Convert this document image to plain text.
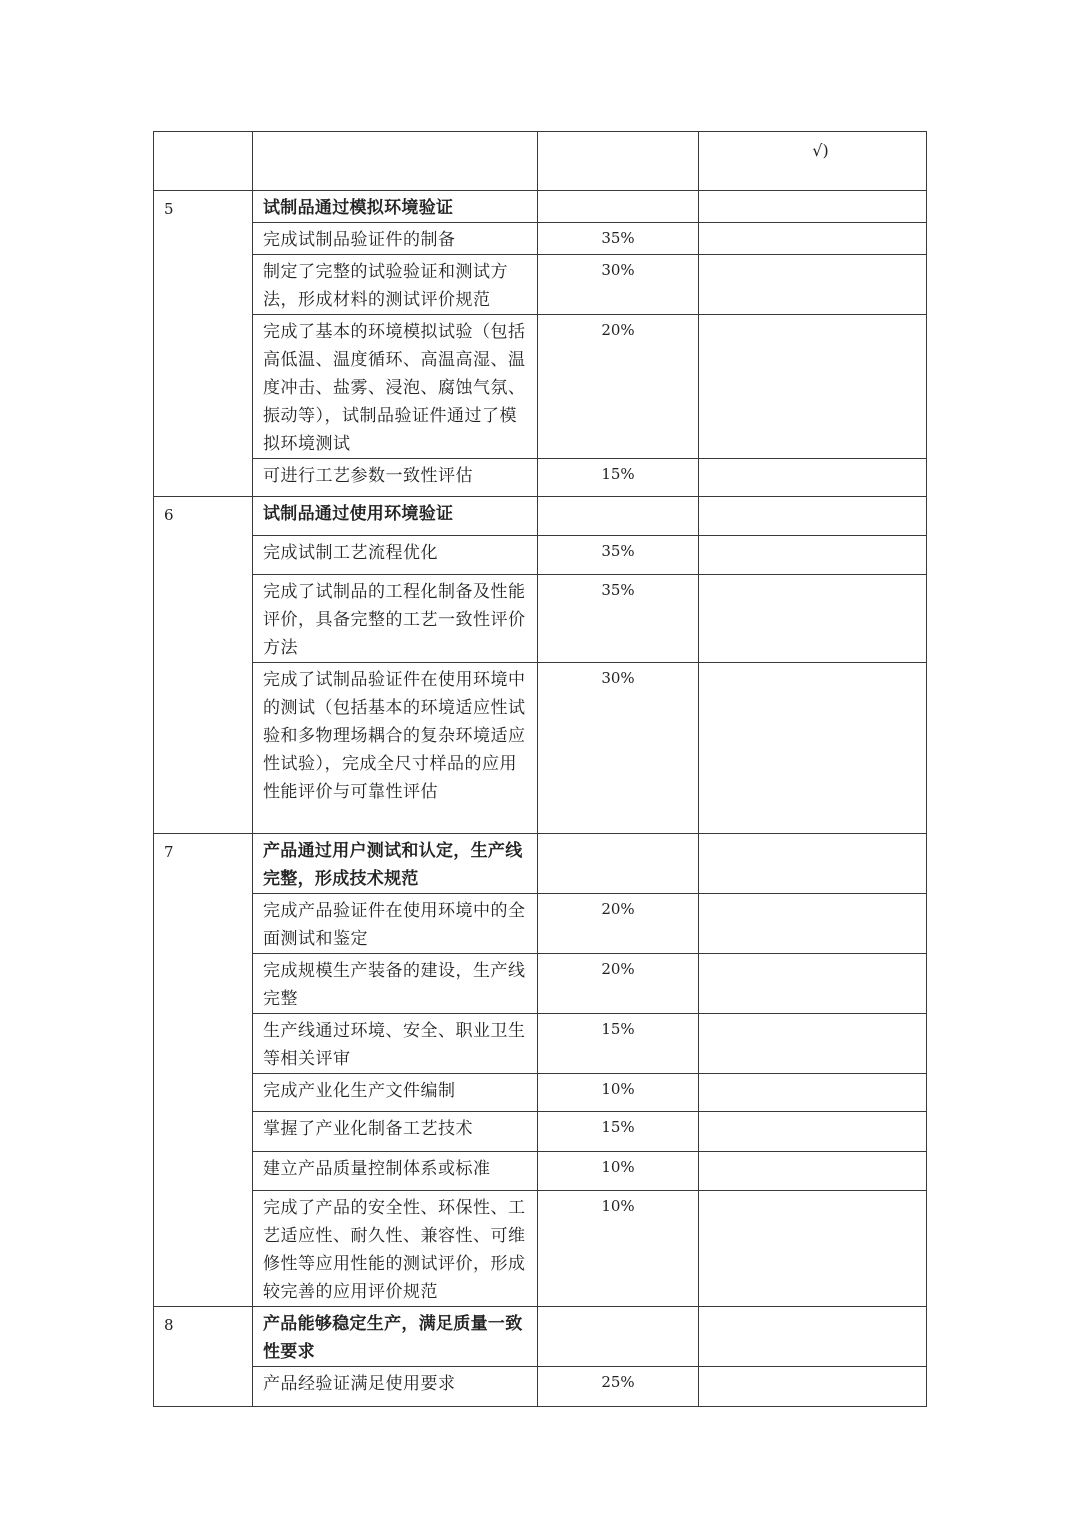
			√)
5	试制品通过模拟环境验证		

	完成试制品验证件的制备	35%	

	制定了完整的试验验证和测试方法，形成材料的测试评价规范	30%	

	完成了基本的环境模拟试验（包括高低温、温度循环、高温高湿、温度冲击、盐雾、浸泡、腐蚀气氛、振动等），试制品验证件通过了模拟环境测试	20%	

	可进行工艺参数一致性评估	15%	
6	试制品通过使用环境验证		

	完成试制工艺流程优化	35%	

	完成了试制品的工程化制备及性能评价，具备完整的工艺一致性评价方法	35%	

	完成了试制品验证件在使用环境中的测试（包括基本的环境适应性试验和多物理场耦合的复杂环境适应性试验），完成全尺寸样品的应用性能评价与可靠性评估	30%	
7	产品通过用户测试和认定，生产线完整，形成技术规范		

	完成产品验证件在使用环境中的全面测试和鉴定	20%	

	完成规模生产装备的建设，生产线完整	20%	

	生产线通过环境、安全、职业卫生等相关评审	15%	

	完成产业化生产文件编制	10%	

	掌握了产业化制备工艺技术	15%	

	建立产品质量控制体系或标准	10%	

	完成了产品的安全性、环保性、工艺适应性、耐久性、兼容性、可维修性等应用性能的测试评价，形成较完善的应用评价规范	10%	
8	产品能够稳定生产，满足质量一致性要求		

	产品经验证满足使用要求	25%	
